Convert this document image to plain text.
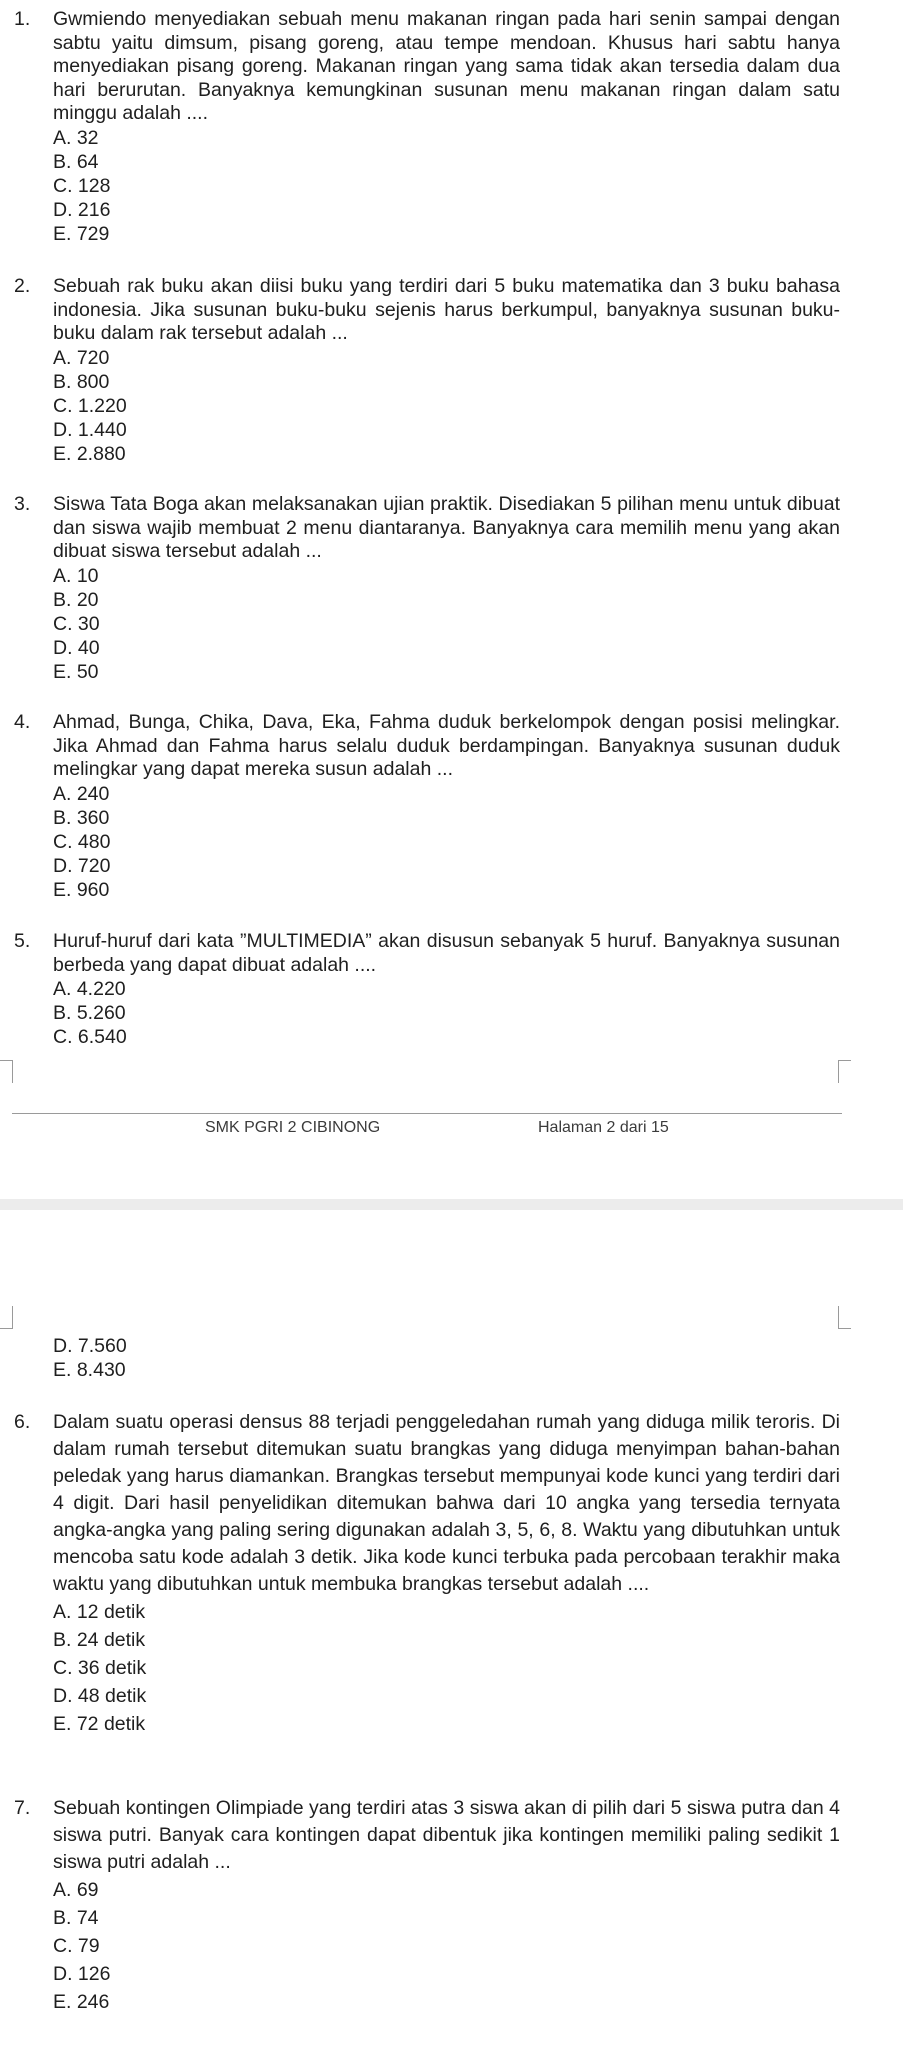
1.	Gwmiendo menyediakan sebuah menu makanan ringan pada hari senin sampai dengan sabtu yaitu dimsum, pisang goreng, atau tempe mendoan. Khusus hari sabtu hanya menyediakan pisang goreng. Makanan ringan yang sama tidak akan tersedia dalam dua hari berurutan. Banyaknya kemungkinan susunan menu makanan ringan dalam satu minggu adalah ....
A. 32
B. 64
C. 128
D. 216
E. 729
2.	Sebuah rak buku akan diisi buku yang terdiri dari 5 buku matematika dan 3 buku bahasa indonesia. Jika susunan buku-buku sejenis harus berkumpul, banyaknya susunan buku-buku dalam rak tersebut adalah ...
A. 720
B. 800
C. 1.220
D. 1.440
E. 2.880
3.	Siswa Tata Boga akan melaksanakan ujian praktik. Disediakan 5 pilihan menu untuk dibuat dan siswa wajib membuat 2 menu diantaranya. Banyaknya cara memilih menu yang akan dibuat siswa tersebut adalah ...
A. 10
B. 20
C. 30
D. 40
E. 50
4.	Ahmad, Bunga, Chika, Dava, Eka, Fahma duduk berkelompok dengan posisi melingkar. Jika Ahmad dan Fahma harus selalu duduk berdampingan. Banyaknya susunan duduk melingkar yang dapat mereka susun adalah ...
A. 240
B. 360
C. 480
D. 720
E. 960
5.	Huruf-huruf dari kata ”MULTIMEDIA” akan disusun sebanyak 5 huruf. Banyaknya susunan berbeda yang dapat dibuat adalah ....
A. 4.220
B. 5.260
C. 6.540
SMK PGRI 2 CIBINONG	Halaman 2 dari 15
D. 7.560
E. 8.430
6.	Dalam suatu operasi densus 88 terjadi penggeledahan rumah yang diduga milik teroris. Di dalam rumah tersebut ditemukan suatu brangkas yang diduga menyimpan bahan-bahan peledak yang harus diamankan. Brangkas tersebut mempunyai kode kunci yang terdiri dari 4 digit. Dari hasil penyelidikan ditemukan bahwa dari 10 angka yang tersedia ternyata angka-angka yang paling sering digunakan adalah 3, 5, 6, 8. Waktu yang dibutuhkan untuk mencoba satu kode adalah 3 detik. Jika kode kunci terbuka pada percobaan terakhir maka waktu yang dibutuhkan untuk membuka brangkas tersebut adalah ....
A. 12 detik
B. 24 detik
C. 36 detik
D. 48 detik
E. 72 detik
7.	Sebuah kontingen Olimpiade yang terdiri atas 3 siswa akan di pilih dari 5 siswa putra dan 4 siswa putri. Banyak cara kontingen dapat dibentuk jika kontingen memiliki paling sedikit 1 siswa putri adalah ...
A. 69
B. 74
C. 79
D. 126
E. 246
